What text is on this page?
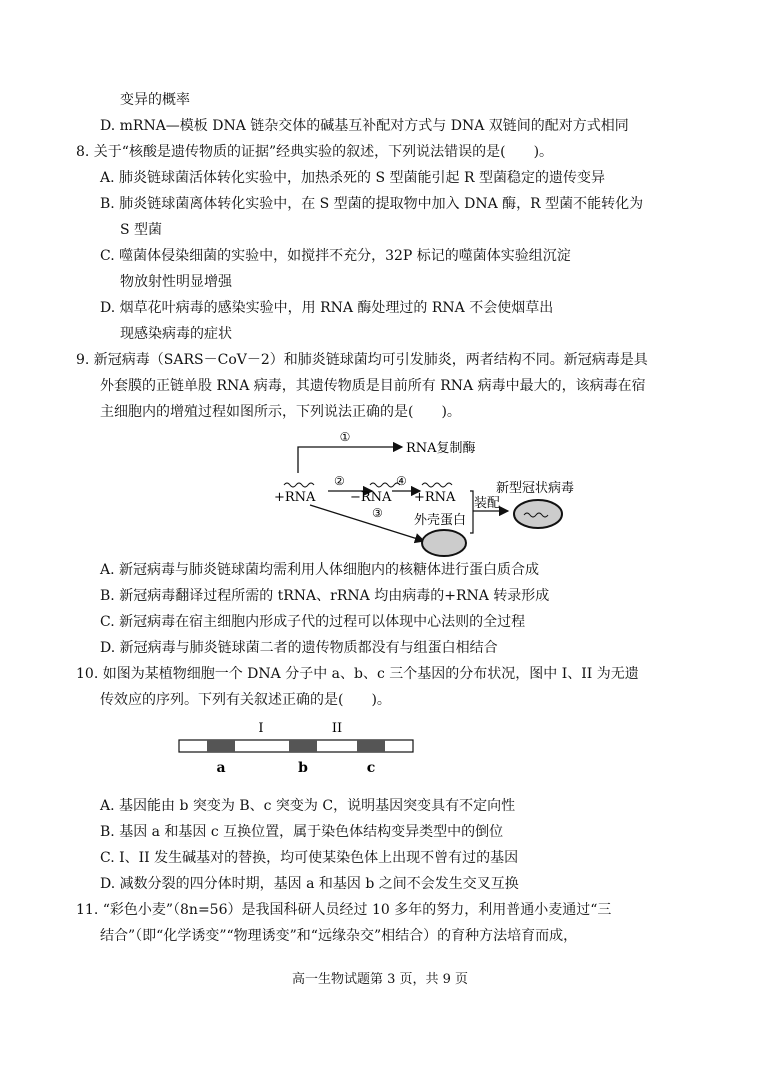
变异的概率
D. mRNA—模板 DNA 链杂交体的碱基互补配对方式与 DNA 双链间的配对方式相同
8. 关于“核酸是遗传物质的证据”经典实验的叙述，下列说法错误的是(　　)。
A. 肺炎链球菌活体转化实验中，加热杀死的 S 型菌能引起 R 型菌稳定的遗传变异
B. 肺炎链球菌离体转化实验中，在 S 型菌的提取物中加入 DNA 酶，R 型菌不能转化为
S 型菌
C. 噬菌体侵染细菌的实验中，如搅拌不充分，32P 标记的噬菌体实验组沉淀
物放射性明显增强
D. 烟草花叶病毒的感染实验中，用 RNA 酶处理过的 RNA 不会使烟草出
现感染病毒的症状
9. 新冠病毒（SARS－CoV－2）和肺炎链球菌均可引发肺炎，两者结构不同。新冠病毒是具
外套膜的正链单股 RNA 病毒，其遗传物质是目前所有 RNA 病毒中最大的，该病毒在宿
主细胞内的增殖过程如图所示，下列说法正确的是(　　)。
①
RNA复制酶
+RNA
②
−RNA
④
+RNA
③ 外壳蛋白
装配
新型冠状病毒
A. 新冠病毒与肺炎链球菌均需利用人体细胞内的核糖体进行蛋白质合成
B. 新冠病毒翻译过程所需的 tRNA、rRNA 均由病毒的+RNA 转录形成
C. 新冠病毒在宿主细胞内形成子代的过程可以体现中心法则的全过程
D. 新冠病毒与肺炎链球菌二者的遗传物质都没有与组蛋白相结合
10. 如图为某植物细胞一个 DNA 分子中 a、b、c 三个基因的分布状况，图中 I、II 为无遗
传效应的序列。下列有关叙述正确的是(　　)。
I	II
a	b	c
A. 基因能由 b 突变为 B、c 突变为 C，说明基因突变具有不定向性
B. 基因 a 和基因 c 互换位置，属于染色体结构变异类型中的倒位
C. I、II 发生碱基对的替换，均可使某染色体上出现不曾有过的基因
D. 减数分裂的四分体时期，基因 a 和基因 b 之间不会发生交叉互换
11. “彩色小麦”（8n=56）是我国科研人员经过 10 多年的努力，利用普通小麦通过“三
结合”（即“化学诱变”“物理诱变”和“远缘杂交”相结合）的育种方法培育而成，
高一生物试题第 3 页，共 9 页
